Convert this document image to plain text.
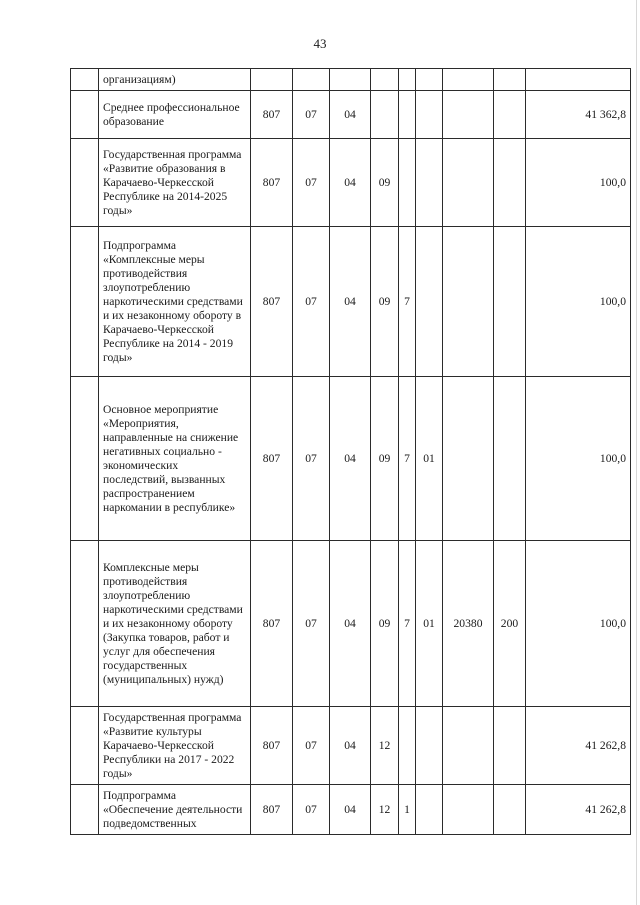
43
	организациям)									
	Среднее профессиональное образование	807	07	04						41 362,8
	Государственная программа «Развитие образования в Карачаево-Черкесской Республике на 2014-2025 годы»	807	07	04	09					100,0
	Подпрограмма «Комплексные меры противодействия злоупотреблению наркотическими средствами и их незаконному обороту в Карачаево-Черкесской Республике на 2014 - 2019 годы»	807	07	04	09	7				100,0
	Основное мероприятие «Мероприятия, направленные на снижение негативных социально - экономических последствий, вызванных распространением наркомании в республике»	807	07	04	09	7	01			100,0
	Комплексные меры противодействия злоупотреблению наркотическими средствами и их незаконному обороту (Закупка товаров, работ и услуг для обеспечения государственных (муниципальных) нужд)	807	07	04	09	7	01	20380	200	100,0
	Государственная программа «Развитие культуры Карачаево-Черкесской Республики на 2017 - 2022 годы»	807	07	04	12					41 262,8
	Подпрограмма «Обеспечение деятельности подведомственных	807	07	04	12	1				41 262,8
